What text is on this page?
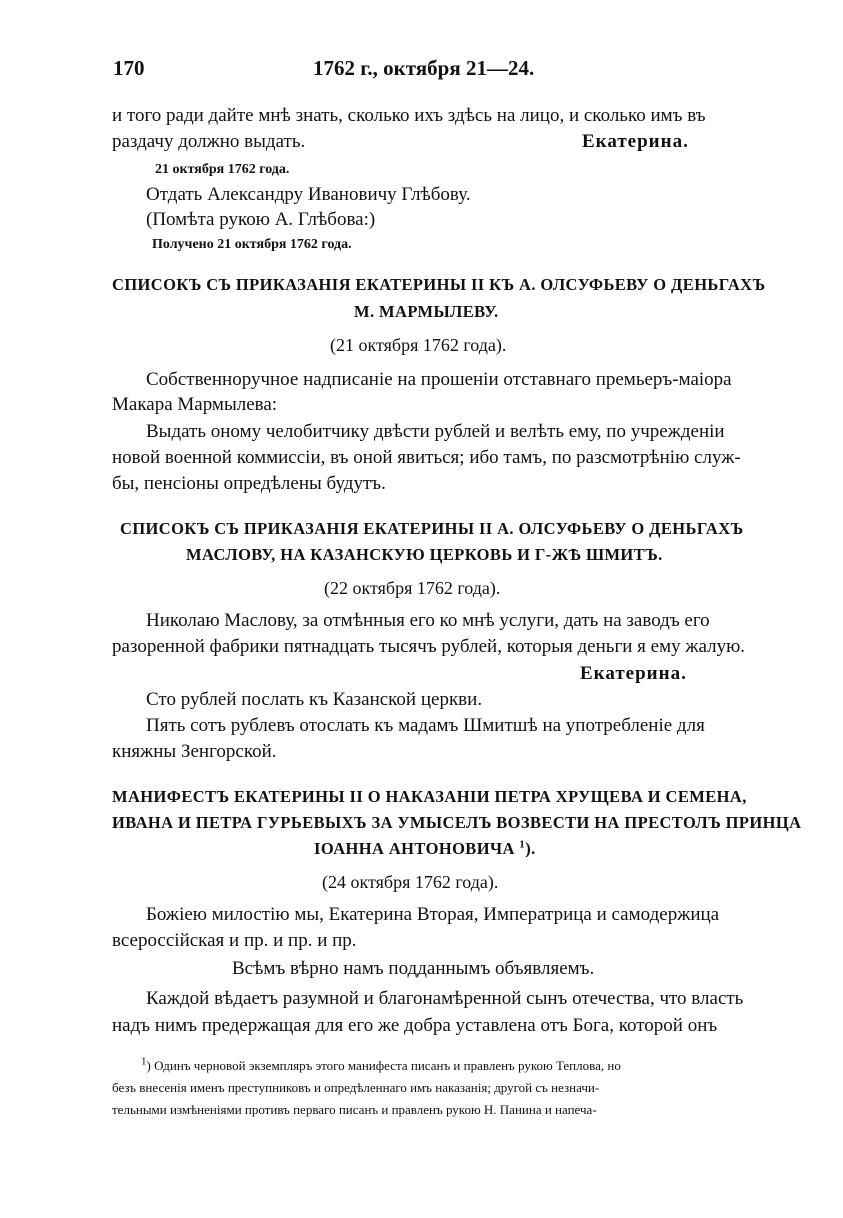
170	1762 г., октября 21—24.
и того ради дайте мнѣ знать, сколько ихъ здѣсь на лицо, и сколько имъ въ
раздачу должно выдать.	Екатерина.
21 октября 1762 года.
Отдать Александру Ивановичу Глѣбову.
(Помѣта рукою А. Глѣбова:)
Получено 21 октября 1762 года.
СПИСОКЪ СЪ ПРИКАЗАНІЯ ЕКАТЕРИНЫ II КЪ А. ОЛСУФЬЕВУ О ДЕНЬГАХЪ
М. МАРМЫЛЕВУ.
(21 октября 1762 года).
Собственноручное надписаніе на прошеніи отставнаго премьеръ-маіора
Макара Мармылева:
Выдать оному челобитчику двѣсти рублей и велѣть ему, по учрежденіи
новой военной коммиссіи, въ оной явиться; ибо тамъ, по разсмотрѣнію служ-
бы, пенсіоны опредѣлены будутъ.
СПИСОКЪ СЪ ПРИКАЗАНІЯ ЕКАТЕРИНЫ II А. ОЛСУФЬЕВУ О ДЕНЬГАХЪ
МАСЛОВУ, НА КАЗАНСКУЮ ЦЕРКОВЬ И Г-ЖѢ ШМИТЪ.
(22 октября 1762 года).
Николаю Маслову, за отмѣнныя его ко мнѣ услуги, дать на заводъ его
разоренной фабрики пятнадцать тысячъ рублей, которыя деньги я ему жалую.
Екатерина.
Сто рублей послать къ Казанской церкви.
Пять сотъ рублевъ отослать къ мадамъ Шмитшѣ на употребленіе для
княжны Зенгорской.
МАНИФЕСТЪ ЕКАТЕРИНЫ II О НАКАЗАНІИ ПЕТРА ХРУЩЕВА И СЕМЕНА,
ИВАНА И ПЕТРА ГУРЬЕВЫХЪ ЗА УМЫСЕЛЪ ВОЗВЕСТИ НА ПРЕСТОЛЪ ПРИНЦА
ІОАННА АНТОНОВИЧА $^1$).
(24 октября 1762 года).
Божіею милостію мы, Екатерина Вторая, Императрица и самодержица
всероссійская и пр. и пр. и пр.
Всѣмъ вѣрно намъ подданнымъ объявляемъ.
Каждой вѣдаетъ разумной и благонамѣренной сынъ отечества, что власть
надъ нимъ предержащая для его же добра уставлена отъ Бога, которой онъ
$^1$) Одинъ черновой экземпляръ этого манифеста писанъ и правленъ рукою Теплова, но
безъ внесенія именъ преступниковъ и опредѣленнаго имъ наказанія; другой съ незначи-
тельными измѣненіями противъ перваго писанъ и правленъ рукою Н. Панина и напеча-
